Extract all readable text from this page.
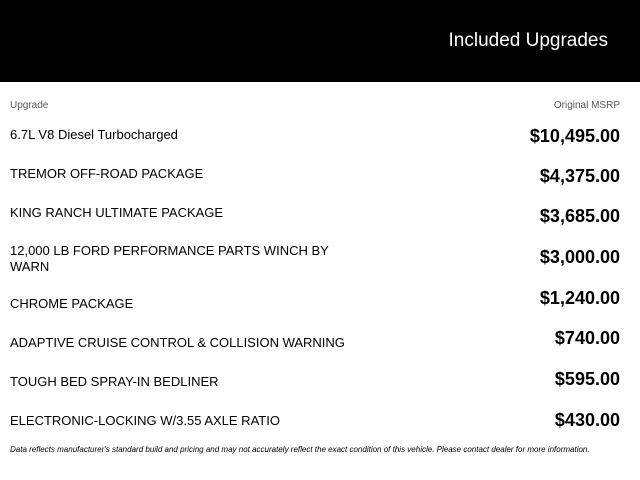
Included Upgrades
Upgrade	Original MSRP
6.7L V8 Diesel Turbocharged	$10,495.00
TREMOR OFF-ROAD PACKAGE	$4,375.00
KING RANCH ULTIMATE PACKAGE	$3,685.00
12,000 LB FORD PERFORMANCE PARTS WINCH BY WARN	$3,000.00
CHROME PACKAGE	$1,240.00
ADAPTIVE CRUISE CONTROL & COLLISION WARNING	$740.00
TOUGH BED SPRAY-IN BEDLINER	$595.00
ELECTRONIC-LOCKING W/3.55 AXLE RATIO	$430.00
Data reflects manufacturer's standard build and pricing and may not accurately reflect the exact condition of this vehicle. Please contact dealer for more information.
